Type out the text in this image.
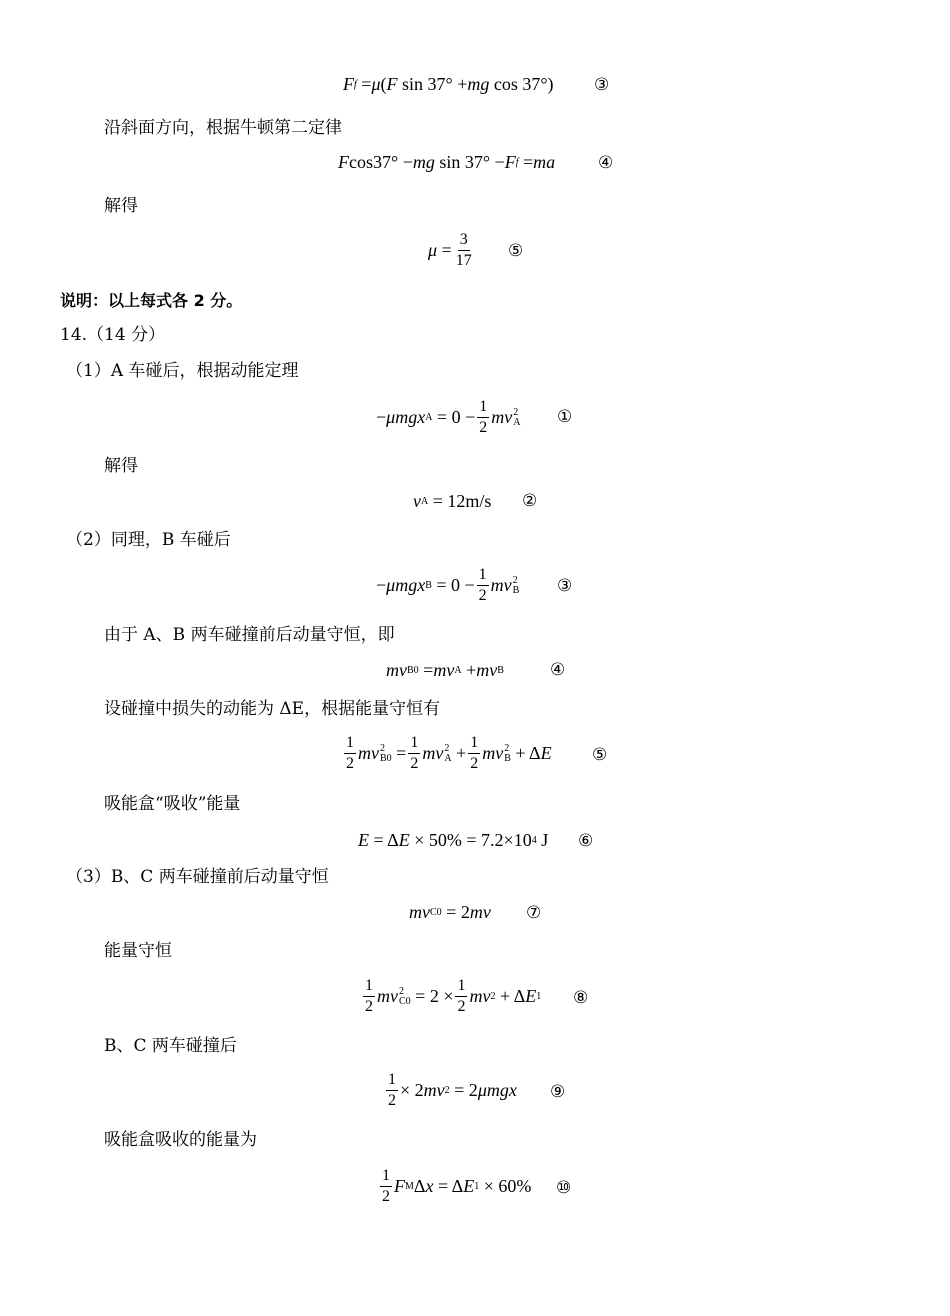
F f = μ ( F sin 37° + mg cos 37°) ③
沿斜面方向，根据牛顿第二定律
F cos37° − mg sin 37° − F f = ma	④
解得
$\mu = \frac{3}{17}$ ⑤
说明：以上每式各 2 分。
14.（14 分）
（1）A 车碰后，根据动能定理
− μmgx $A = 0 - \frac{1}{2}$ mv 2
A ①
解得
v A = 12m/s ②
（2）同理，B 车碰后
− μmgx $B = 0 - \frac{1}{2}$ mv 2
B ③
由于 A、B 两车碰撞前后动量守恒，即
mv B0 = mv A + mv B	④
设碰撞中损失的动能为 ΔE，根据能量守恒有
$\frac{1}{2}$ mv 2
$B0 = \frac{1}{2}$ mv 2
$A + \frac{1}{2}$ mv 2
B + Δ E ⑤
吸能盒“吸收”能量
E = Δ E × 50% = 7.2×10 4
J ⑥
（3）B、C 两车碰撞前后动量守恒
mv C0 = 2 mv ⑦
能量守恒
$\frac{1}{2}$ mv 2
$C0 = 2 \times \frac{1}{2}$ mv 2 + Δ E 1 ⑧
B、C 两车碰撞后
$\frac{1}{2} \times 2$ mv 2 = 2 μmgx ⑨
吸能盒吸收的能量为
$\frac{1}{2}$ F M Δ x = Δ E 1 × 60% ⑩
